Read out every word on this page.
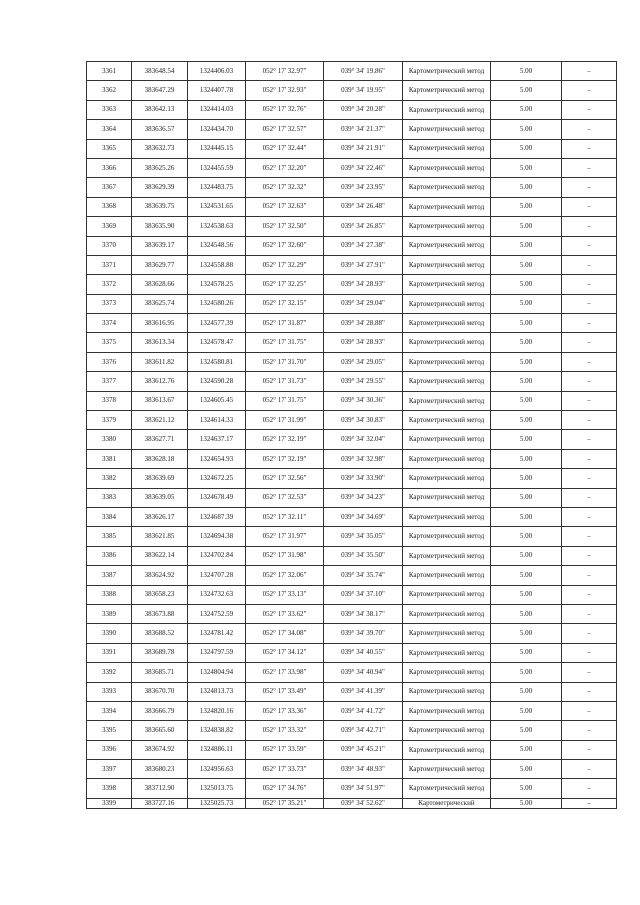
3361	383648.54	1324406.03	052° 17' 32.97"	039° 34' 19.86"	Картометрический метод	5.00	–
3362	383647.29	1324407.78	052° 17' 32.93"	039° 34' 19.95"	Картометрический метод	5.00	–
3363	383642.13	1324414.03	052° 17' 32.76"	039° 34' 20.28"	Картометрический метод	5.00	–
3364	383636.57	1324434.70	052° 17' 32.57"	039° 34' 21.37"	Картометрический метод	5.00	–
3365	383632.73	1324445.15	052° 17' 32.44"	039° 34' 21.91"	Картометрический метод	5.00	–
3366	383625.26	1324455.59	052° 17' 32.20"	039° 34' 22.46"	Картометрический метод	5.00	–
3367	383629.39	1324483.75	052° 17' 32.32"	039° 34' 23.95"	Картометрический метод	5.00	–
3368	383639.75	1324531.65	052° 17' 32.63"	039° 34' 26.48"	Картометрический метод	5.00	–
3369	383635.90	1324538.63	052° 17' 32.50"	039° 34' 26.85"	Картометрический метод	5.00	–
3370	383639.17	1324548.56	052° 17' 32.60"	039° 34' 27.38"	Картометрический метод	5.00	–
3371	383629.77	1324558.88	052° 17' 32.29"	039° 34' 27.91"	Картометрический метод	5.00	–
3372	383628.66	1324578.25	052° 17' 32.25"	039° 34' 28.93"	Картометрический метод	5.00	–
3373	383625.74	1324580.26	052° 17' 32.15"	039° 34' 29.04"	Картометрический метод	5.00	–
3374	383616.95	1324577.39	052° 17' 31.87"	039° 34' 28.88"	Картометрический метод	5.00	–
3375	383613.34	1324578.47	052° 17' 31.75"	039° 34' 28.93"	Картометрический метод	5.00	–
3376	383611.82	1324580.81	052° 17' 31.70"	039° 34' 29.05"	Картометрический метод	5.00	–
3377	383612.76	1324590.28	052° 17' 31.73"	039° 34' 29.55"	Картометрический метод	5.00	–
3378	383613.67	1324605.45	052° 17' 31.75"	039° 34' 30.36"	Картометрический метод	5.00	–
3379	383621.12	1324614.33	052° 17' 31.99"	039° 34' 30.83"	Картометрический метод	5.00	–
3380	383627.71	1324637.17	052° 17' 32.19"	039° 34' 32.04"	Картометрический метод	5.00	–
3381	383628.18	1324654.93	052° 17' 32.19"	039° 34' 32.98"	Картометрический метод	5.00	–
3382	383639.69	1324672.25	052° 17' 32.56"	039° 34' 33.90"	Картометрический метод	5.00	–
3383	383639.05	1324678.49	052° 17' 32.53"	039° 34' 34.23"	Картометрический метод	5.00	–
3384	383626.17	1324687.39	052° 17' 32.11"	039° 34' 34.69"	Картометрический метод	5.00	–
3385	383621.85	1324694.38	052° 17' 31.97"	039° 34' 35.05"	Картометрический метод	5.00	–
3386	383622.14	1324702.84	052° 17' 31.98"	039° 34' 35.50"	Картометрический метод	5.00	–
3387	383624.92	1324707.28	052° 17' 32.06"	039° 34' 35.74"	Картометрический метод	5.00	–
3388	383658.23	1324732.63	052° 17' 33.13"	039° 34' 37.10"	Картометрический метод	5.00	–
3389	383673.88	1324752.59	052° 17' 33.62"	039° 34' 38.17"	Картометрический метод	5.00	–
3390	383688.52	1324781.42	052° 17' 34.08"	039° 34' 39.70"	Картометрический метод	5.00	–
3391	383689.78	1324797.59	052° 17' 34.12"	039° 34' 40.55"	Картометрический метод	5.00	–
3392	383685.71	1324804.94	052° 17' 33.98"	039° 34' 40.94"	Картометрический метод	5.00	–
3393	383670.70	1324813.73	052° 17' 33.49"	039° 34' 41.39"	Картометрический метод	5.00	–
3394	383666.79	1324820.16	052° 17' 33.36"	039° 34' 41.72"	Картометрический метод	5.00	–
3395	383665.60	1324838.82	052° 17' 33.32"	039° 34' 42.71"	Картометрический метод	5.00	–
3396	383674.92	1324886.11	052° 17' 33.59"	039° 34' 45.21"	Картометрический метод	5.00	–
3397	383680.23	1324956.63	052° 17' 33.73"	039° 34' 48.93"	Картометрический метод	5.00	–
3398	383712.90	1325013.75	052° 17' 34.76"	039° 34' 51.97"	Картометрический метод	5.00	–
3399	383727.16	1325025.73	052° 17' 35.21"	039° 34' 52.62"	Картометрический	5.00	–
